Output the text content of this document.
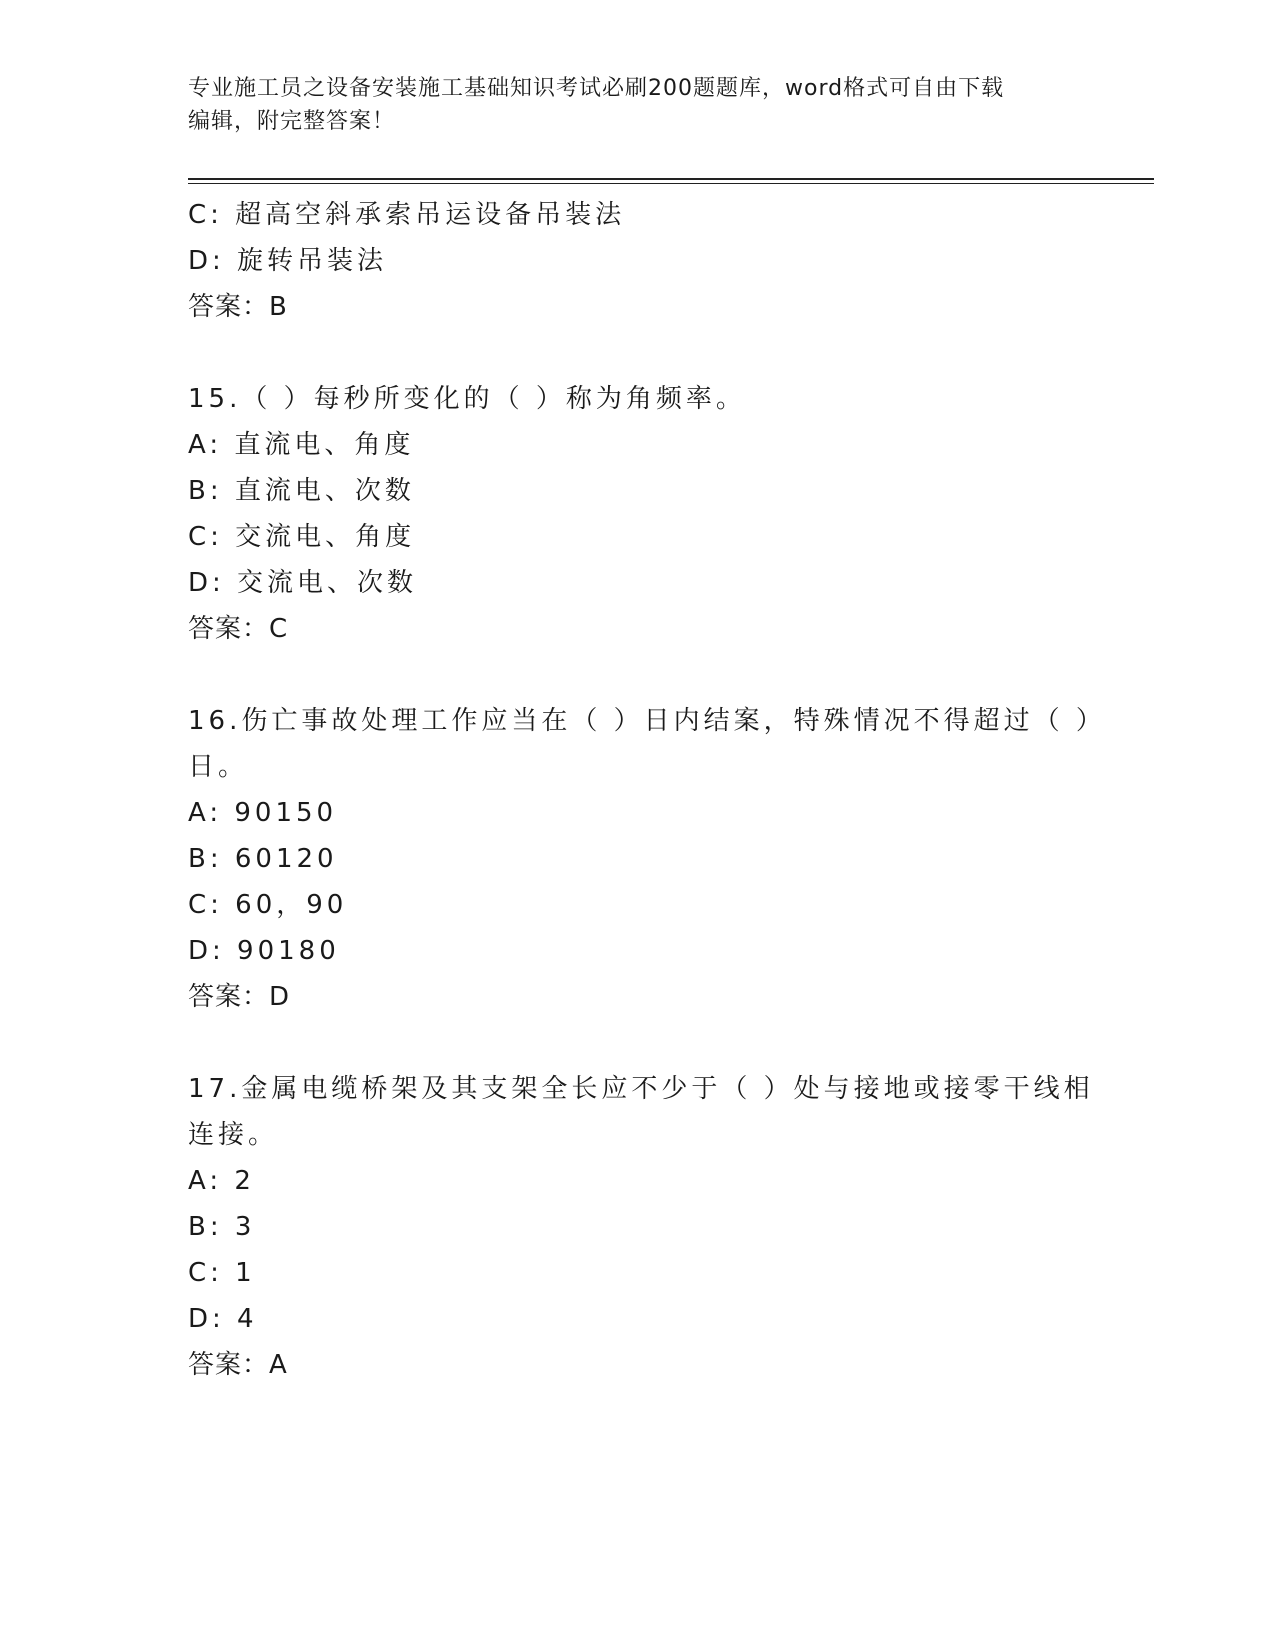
专业施工员之设备安装施工基础知识考试必刷200题题库，word格式可自由下载
编辑，附完整答案！
C: 超高空斜承索吊运设备吊装法
D: 旋转吊装法
答案：B
15.（ ）每秒所变化的（ ）称为角频率。
A: 直流电、角度
B: 直流电、次数
C: 交流电、角度
D: 交流电、次数
答案：C
16.伤亡事故处理工作应当在（ ）日内结案，特殊情况不得超过（ ）
日。
A: 90150
B: 60120
C: 60，90
D: 90180
答案：D
17.金属电缆桥架及其支架全长应不少于（ ）处与接地或接零干线相
连接。
A: 2
B: 3
C: 1
D: 4
答案：A
